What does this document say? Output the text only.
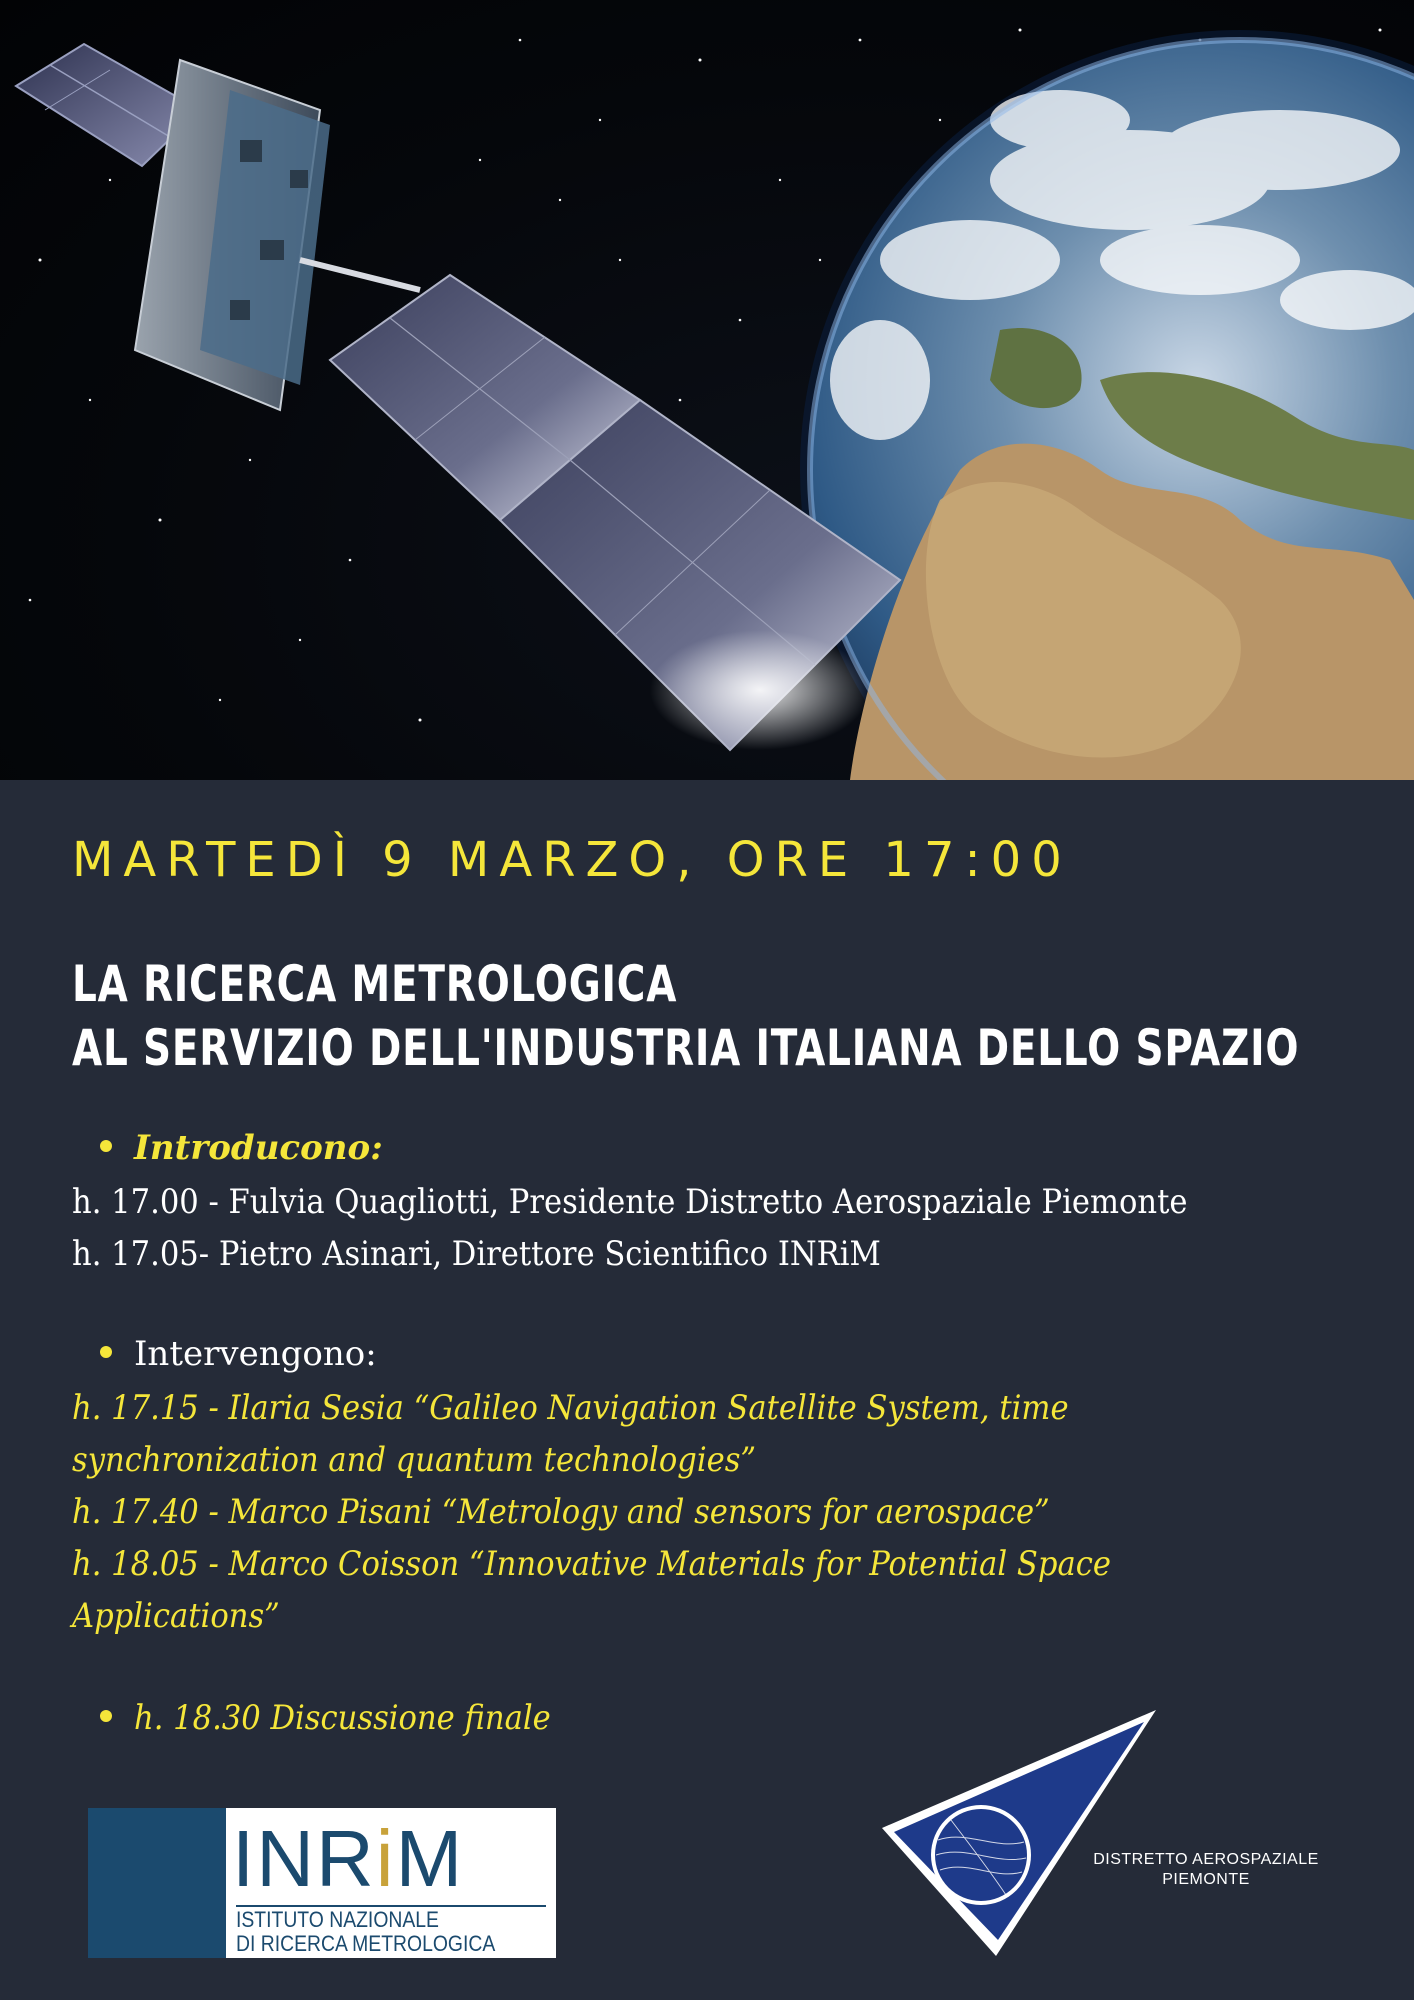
MARTEDÌ 9 MARZO, ORE 17:00
LA RICERCA METROLOGICA
AL SERVIZIO DELL'INDUSTRIA ITALIANA DELLO SPAZIO
Introducono:
h. 17.00 - Fulvia Quagliotti, Presidente Distretto Aerospaziale Piemonte
h. 17.05- Pietro Asinari, Direttore Scientifico INRiM
Intervengono:
h. 17.15 - Ilaria Sesia “Galileo Navigation Satellite System, time
synchronization and quantum technologies”
h. 17.40 - Marco Pisani “Metrology and sensors for aerospace”
h. 18.05 - Marco Coisson “Innovative Materials for Potential Space
Applications”
h. 18.30 Discussione finale
INRiM
ISTITUTO NAZIONALE
DI RICERCA METROLOGICA
DISTRETTO AEROSPAZIALE
PIEMONTE
